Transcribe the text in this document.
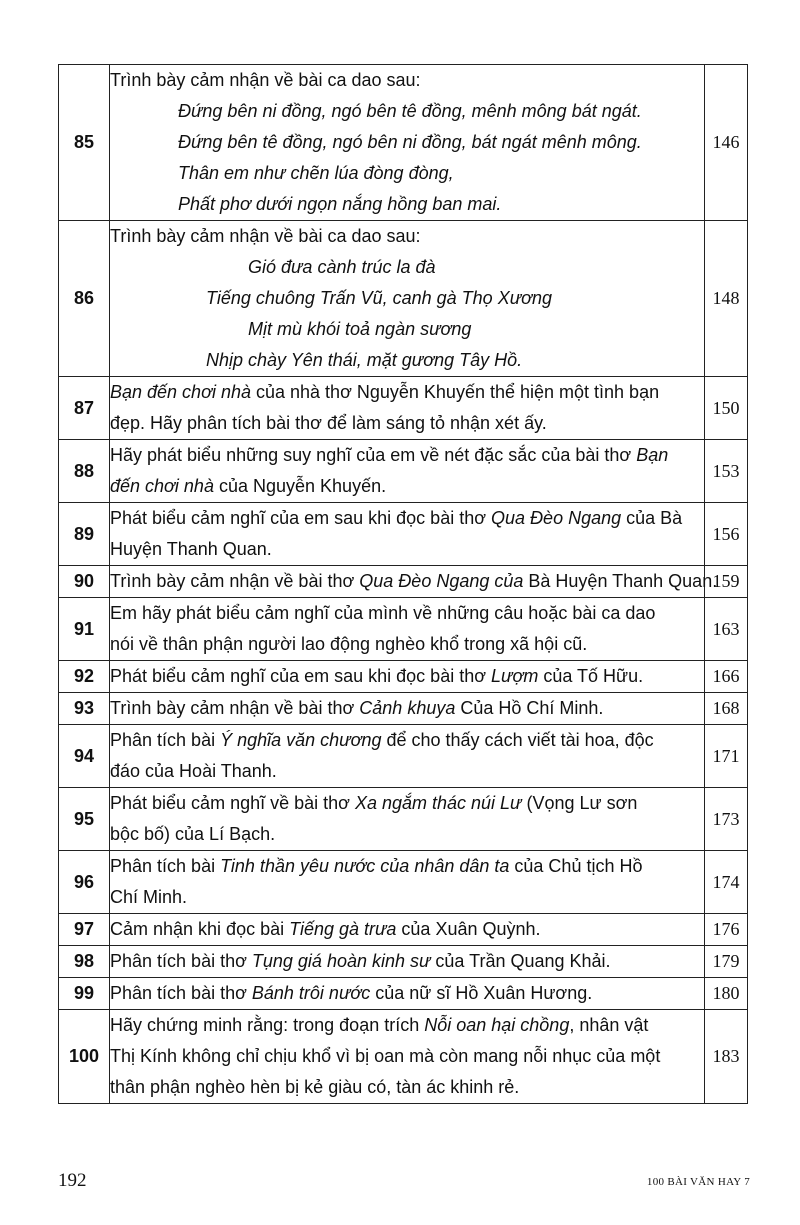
85	Trình bày cảm nhận về bài ca dao sau:
Đứng bên ni đồng, ngó bên tê đồng, mênh mông bát ngát.
Đứng bên tê đồng, ngó bên ni đồng, bát ngát mênh mông.
Thân em như chẽn lúa đòng đòng,
Phất phơ dưới ngọn nắng hồng ban mai.	146
86	Trình bày cảm nhận về bài ca dao sau:
Gió đưa cành trúc la đà
Tiếng chuông Trấn Vũ, canh gà Thọ Xương
Mịt mù khói toả ngàn sương
Nhịp chày Yên thái, mặt gương Tây Hồ.	148
87	Bạn đến chơi nhà của nhà thơ Nguyễn Khuyến thể hiện một tình bạn
đẹp. Hãy phân tích bài thơ để làm sáng tỏ nhận xét ấy.	150
88	Hãy phát biểu những suy nghĩ của em về nét đặc sắc của bài thơ Bạn
đến chơi nhà của Nguyễn Khuyến.	153
89	Phát biểu cảm nghĩ của em sau khi đọc bài thơ Qua Đèo Ngang của Bà
Huyện Thanh Quan.	156
90	Trình bày cảm nhận về bài thơ Qua Đèo Ngang của Bà Huyện Thanh Quan.	159
91	Em hãy phát biểu cảm nghĩ của mình về những câu hoặc bài ca dao
nói về thân phận người lao động nghèo khổ trong xã hội cũ.	163
92	Phát biểu cảm nghĩ của em sau khi đọc bài thơ Lượm của Tố Hữu.	166
93	Trình bày cảm nhận về bài thơ Cảnh khuya Của Hồ Chí Minh.	168
94	Phân tích bài Ý nghĩa văn chương để cho thấy cách viết tài hoa, độc
đáo của Hoài Thanh.	171
95	Phát biểu cảm nghĩ về bài thơ Xa ngắm thác núi Lư (Vọng Lư sơn
bộc bố) của Lí Bạch.	173
96	Phân tích bài Tinh thần yêu nước của nhân dân ta của Chủ tịch Hồ
Chí Minh.	174
97	Cảm nhận khi đọc bài Tiếng gà trưa của Xuân Quỳnh.	176
98	Phân tích bài thơ Tụng giá hoàn kinh sư của Trần Quang Khải.	179
99	Phân tích bài thơ Bánh trôi nước của nữ sĩ Hồ Xuân Hương.	180
100	Hãy chứng minh rằng: trong đoạn trích Nỗi oan hại chồng, nhân vật
Thị Kính không chỉ chịu khổ vì bị oan mà còn mang nỗi nhục của một
thân phận nghèo hèn bị kẻ giàu có, tàn ác khinh rẻ.	183
192	100 BÀI VĂN HAY 7
